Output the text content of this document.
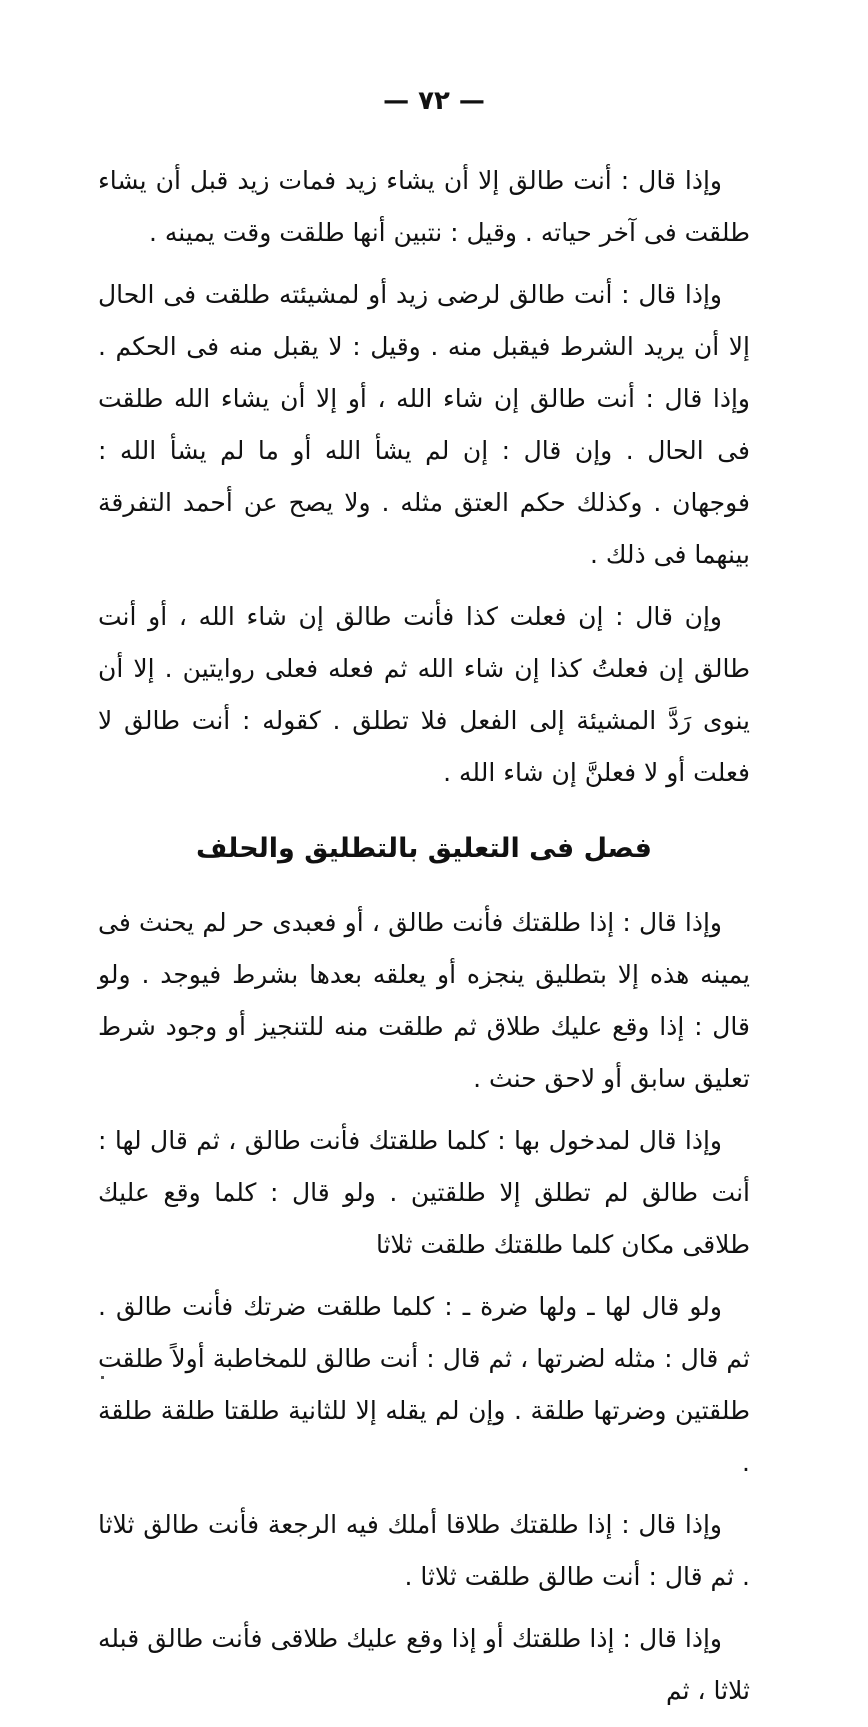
— ٧٢ —

وإذا قال : أنت طالق إلا أن يشاء زيد فمات زيد قبل أن يشاء طلقت فى آخر حياته . وقيل : نتبين أنها طلقت وقت يمينه .

وإذا قال : أنت طالق لرضى زيد أو لمشيئته طلقت فى الحال إلا أن يريد الشرط فيقبل منه . وقيل : لا يقبل منه فى الحكم . وإذا قال : أنت طالق إن شاء الله ، أو إلا أن يشاء الله طلقت فى الحال . وإن قال : إن لم يشأ الله أو ما لم يشأ الله : فوجهان . وكذلك حكم العتق مثله . ولا يصح عن أحمد التفرقة بينهما فى ذلك .

وإن قال : إن فعلت كذا فأنت طالق إن شاء الله ، أو أنت طالق إن فعلتُ كذا إن شاء الله ثم فعله فعلى روايتين . إلا أن ينوى رَدَّ المشيئة إلى الفعل فلا تطلق . كقوله : أنت طالق لا فعلت أو لا فعلنَّ إن شاء الله .

فصل فى التعليق بالتطليق والحلف

وإذا قال : إذا طلقتك فأنت طالق ، أو فعبدى حر لم يحنث فى يمينه هذه إلا بتطليق ينجزه أو يعلقه بعدها بشرط فيوجد . ولو قال : إذا وقع عليك طلاق ثم طلقت منه للتنجيز أو وجود شرط تعليق سابق أو لاحق حنث .

وإذا قال لمدخول بها : كلما طلقتك فأنت طالق ، ثم قال لها : أنت طالق لم تطلق إلا طلقتين . ولو قال : كلما وقع عليك طلاقى مكان كلما طلقتك طلقت ثلاثا

ولو قال لها ـ ولها ضرة ـ : كلما طلقت ضرتك فأنت طالق . ثم قال : مثله لضرتها ، ثم قال : أنت طالق للمخاطبة أولاً طلقت طلقتين وضرتها طلقة . وإن لم يقله إلا للثانية طلقتا طلقة طلقة .

وإذا قال : إذا طلقتك طلاقا أملك فيه الرجعة فأنت طالق ثلاثا . ثم قال : أنت طالق طلقت ثلاثا .

وإذا قال : إذا طلقتك أو إذا وقع عليك طلاقى فأنت طالق قبله ثلاثا ، ثم
